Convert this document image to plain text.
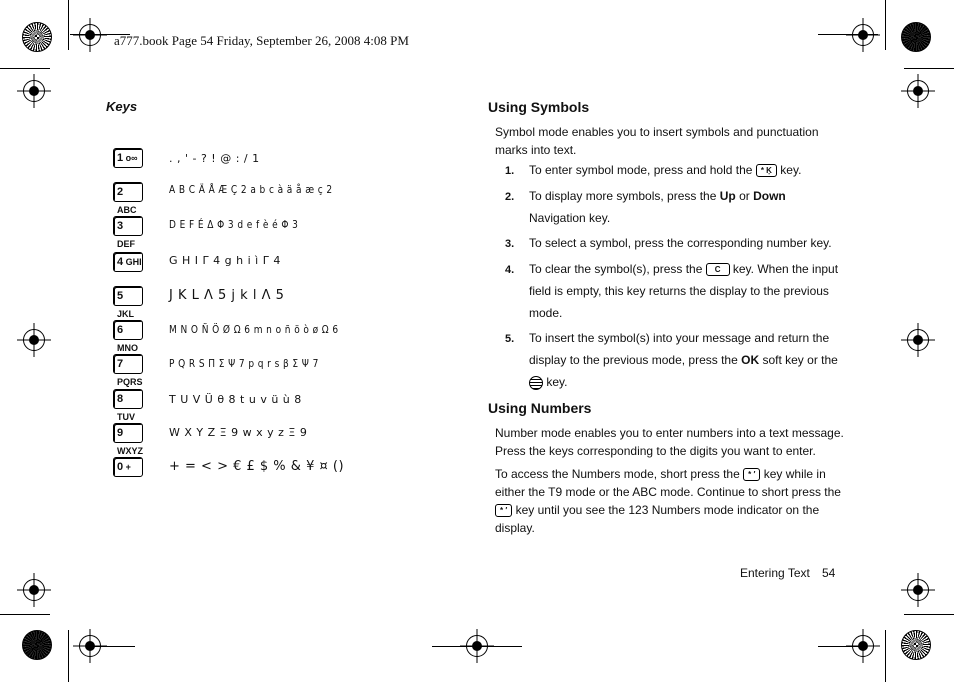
a777.book Page 54 Friday, September 26, 2008 4:08 PM
Keys
1 o∞	. , ' - ? ! @ : / 1
2 ABC
A B C Ä Å Æ Ç 2 a b c à ä å æ ç 2
3 DEF
D E F É Δ Φ 3 d e f è é Φ 3
4 GHI G H I Γ 4 g h i ì Γ 4
5 JKL
J K L Λ 5 j k l Λ 5
6 MNO
M N O Ñ Ö Ø Ω 6 m n o ñ ö ò ø Ω 6
7 PQRS
P Q R S Π Σ Ψ 7 p q r s β Σ Ψ 7
8 TUV
T U V Ü θ 8 t u v ü ù 8
9 WXYZ
W X Y Z Ξ 9 w x y z Ξ 9
0 +	+ = < > € £ $ % & ¥ ¤ ()
Using Symbols
Symbol mode enables you to insert symbols and punctuation
marks into text.
1. To enter symbol mode, press and hold the * Ķ key.
2. To display more symbols, press the Up or Down
Navigation key.
3. To select a symbol, press the corresponding number key.
4. To clear the symbol(s), press the C key. When the input
field is empty, this key returns the display to the previous
mode.
5. To insert the symbol(s) into your message and return the
display to the previous mode, press the OK soft key or the
key.
Using Numbers
Number mode enables you to enter numbers into a text message.
Press the keys corresponding to the digits you want to enter.
To access the Numbers mode, short press the * ′ key while in
either the T9 mode or the ABC mode. Continue to short press the
* ′ key until you see the 123 Numbers mode indicator on the
display.
Entering Text 54
